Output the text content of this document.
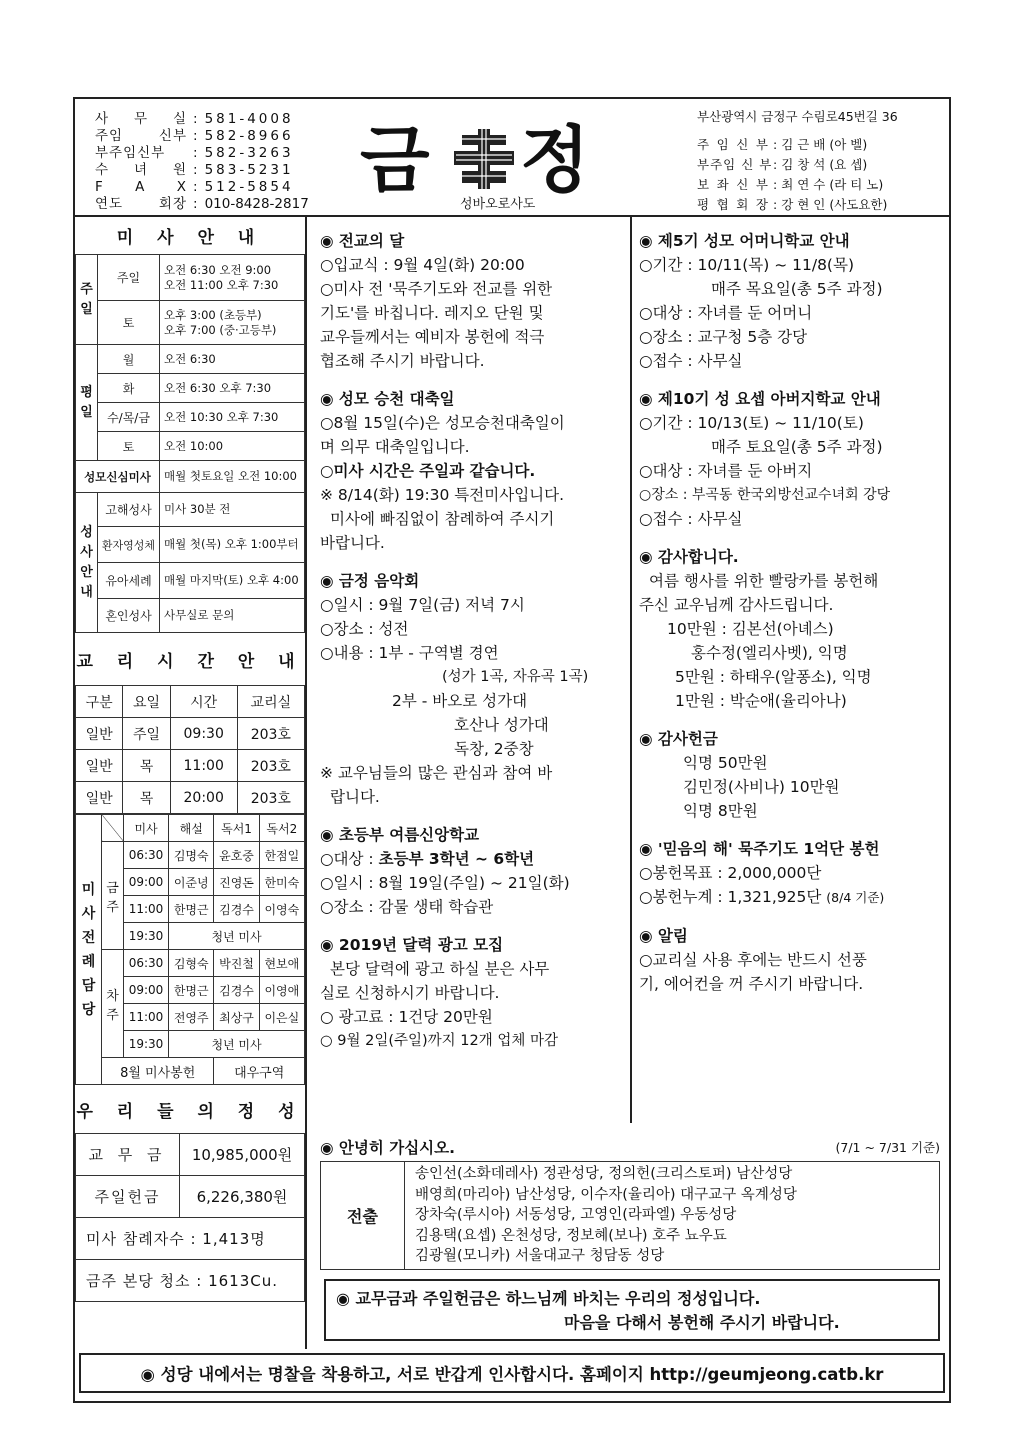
사 무 실 : 581-4008
주임 신부 : 582-8966
부주임신부	: 582-3263
수 녀 원 : 583-5231
F A X : 512-5854
연도 회장 : 010-8428-2817
금 정
성바오로사도
부산광역시 금정구 수림로45번길 36
주 임 신 부 : 김 근 배 (아 벨)
부주임 신 부 : 김 창 석 (요 셉)
보 좌 신 부 : 최 연 수 (라 티 노)
평 협 회 장 : 강 현 인 (사도요한)
미 사 안 내
주일	주일	오전 6:30 오전 9:00
오전 11:00 오후 7:30

	토	오후 3:00 (초등부)
오후 7:00 (중·고등부)

평일	월	오전 6:30
	화	오전 6:30 오후 7:30
	수/목/금	오전 10:30 오후 7:30
	토	오전 10:00
성모신심미사		매월 첫토요일 오전 10:00
성사안내	고해성사	미사 30분 전
	환자영성체	매월 첫(목) 오후 1:00부터
	유아세례	매월 마지막(토) 오후 4:00
	혼인성사	사무실로 문의
교 리 시 간 안 내
구분	요일	시간	교리실
일반	주일	09:30	203호
일반	목	11:00	203호
일반	목	20:00	203호
미사전례담당		미사	해설	독서1	독서2
	금주	06:30	김명숙	윤호중	한점일
		09:00	이준녕	진영돈	한미숙
		11:00	한명근	김경수	이영숙
		19:30	청년 미사		
	차주	06:30	김형숙	박진철	현보애
		09:00	한명근	김경수	이영애
		11:00	전영주	최상구	이은실
		19:30	청년 미사		
	8월 미사봉헌			대우구역	
우 리 들 의 정 성
교 무 금	10,985,000원
주일헌금	6,226,380원
미사 참례자수 : 1,413명	
금주 본당 청소 : 1613Cu.	
◉ 전교의 달
○입교식 : 9월 4일(화) 20:00
○미사 전 '묵주기도와 전교를 위한
기도'를 바칩니다. 레지오 단원 및
교우들께서는 예비자 봉헌에 적극
협조해 주시기 바랍니다.
◉ 성모 승천 대축일
○8월 15일(수)은 성모승천대축일이
며 의무 대축일입니다.
○미사 시간은 주일과 같습니다.
※ 8/14(화) 19:30 특전미사입니다.
미사에 빠짐없이 참례하여 주시기
바랍니다.
◉ 금정 음악회
○일시 : 9월 7일(금) 저녁 7시
○장소 : 성전
○내용 : 1부 - 구역별 경연
(성가 1곡, 자유곡 1곡)
2부 - 바오로 성가대
호산나 성가대
독창, 2중창
※ 교우님들의 많은 관심과 참여 바
랍니다.
◉ 초등부 여름신앙학교
○대상 : 초등부 3학년 ~ 6학년
○일시 : 8월 19일(주일) ~ 21일(화)
○장소 : 감물 생태 학습관
◉ 2019년 달력 광고 모집
본당 달력에 광고 하실 분은 사무
실로 신청하시기 바랍니다.
○ 광고료 : 1건당 20만원
○ 9월 2일(주일)까지 12개 업체 마감
◉ 제5기 성모 어머니학교 안내
○기간 : 10/11(목) ~ 11/8(목)
매주 목요일(총 5주 과정)
○대상 : 자녀를 둔 어머니
○장소 : 교구청 5층 강당
○접수 : 사무실
◉ 제10기 성 요셉 아버지학교 안내
○기간 : 10/13(토) ~ 11/10(토)
매주 토요일(총 5주 과정)
○대상 : 자녀를 둔 아버지
○장소 : 부곡동 한국외방선교수녀회 강당
○접수 : 사무실
◉ 감사합니다.
여름 행사를 위한 빨랑카를 봉헌해
주신 교우님께 감사드립니다.
10만원 : 김본선(아녜스)
홍수정(엘리사벳), 익명
5만원 : 하태우(알퐁소), 익명
1만원 : 박순애(율리아나)
◉ 감사헌금
익명 50만원
김민정(사비나) 10만원
익명 8만원
◉ '믿음의 해' 묵주기도 1억단 봉헌
○봉헌목표 : 2,000,000단
○봉헌누계 : 1,321,925단 (8/4 기준)
◉ 알림
○교리실 사용 후에는 반드시 선풍
기, 에어컨을 꺼 주시기 바랍니다.
◉ 안녕히 가십시오.	(7/1 ~ 7/31 기준)
전출
송인선(소화데레사) 정관성당, 정의헌(크리스토퍼) 남산성당
배영희(마리아) 남산성당, 이수자(율리아) 대구교구 옥계성당
장차숙(루시아) 서동성당, 고영인(라파엘) 우동성당
김용택(요셉) 온천성당, 정보혜(보나) 호주 뇨우됴
김광월(모니카) 서울대교구 청담동 성당
◉ 교무금과 주일헌금은 하느님께 바치는 우리의 정성입니다.
마음을 다해서 봉헌해 주시기 바랍니다.
◉ 성당 내에서는 명찰을 착용하고, 서로 반갑게 인사합시다. 홈페이지 http://geumjeong.catb.kr
